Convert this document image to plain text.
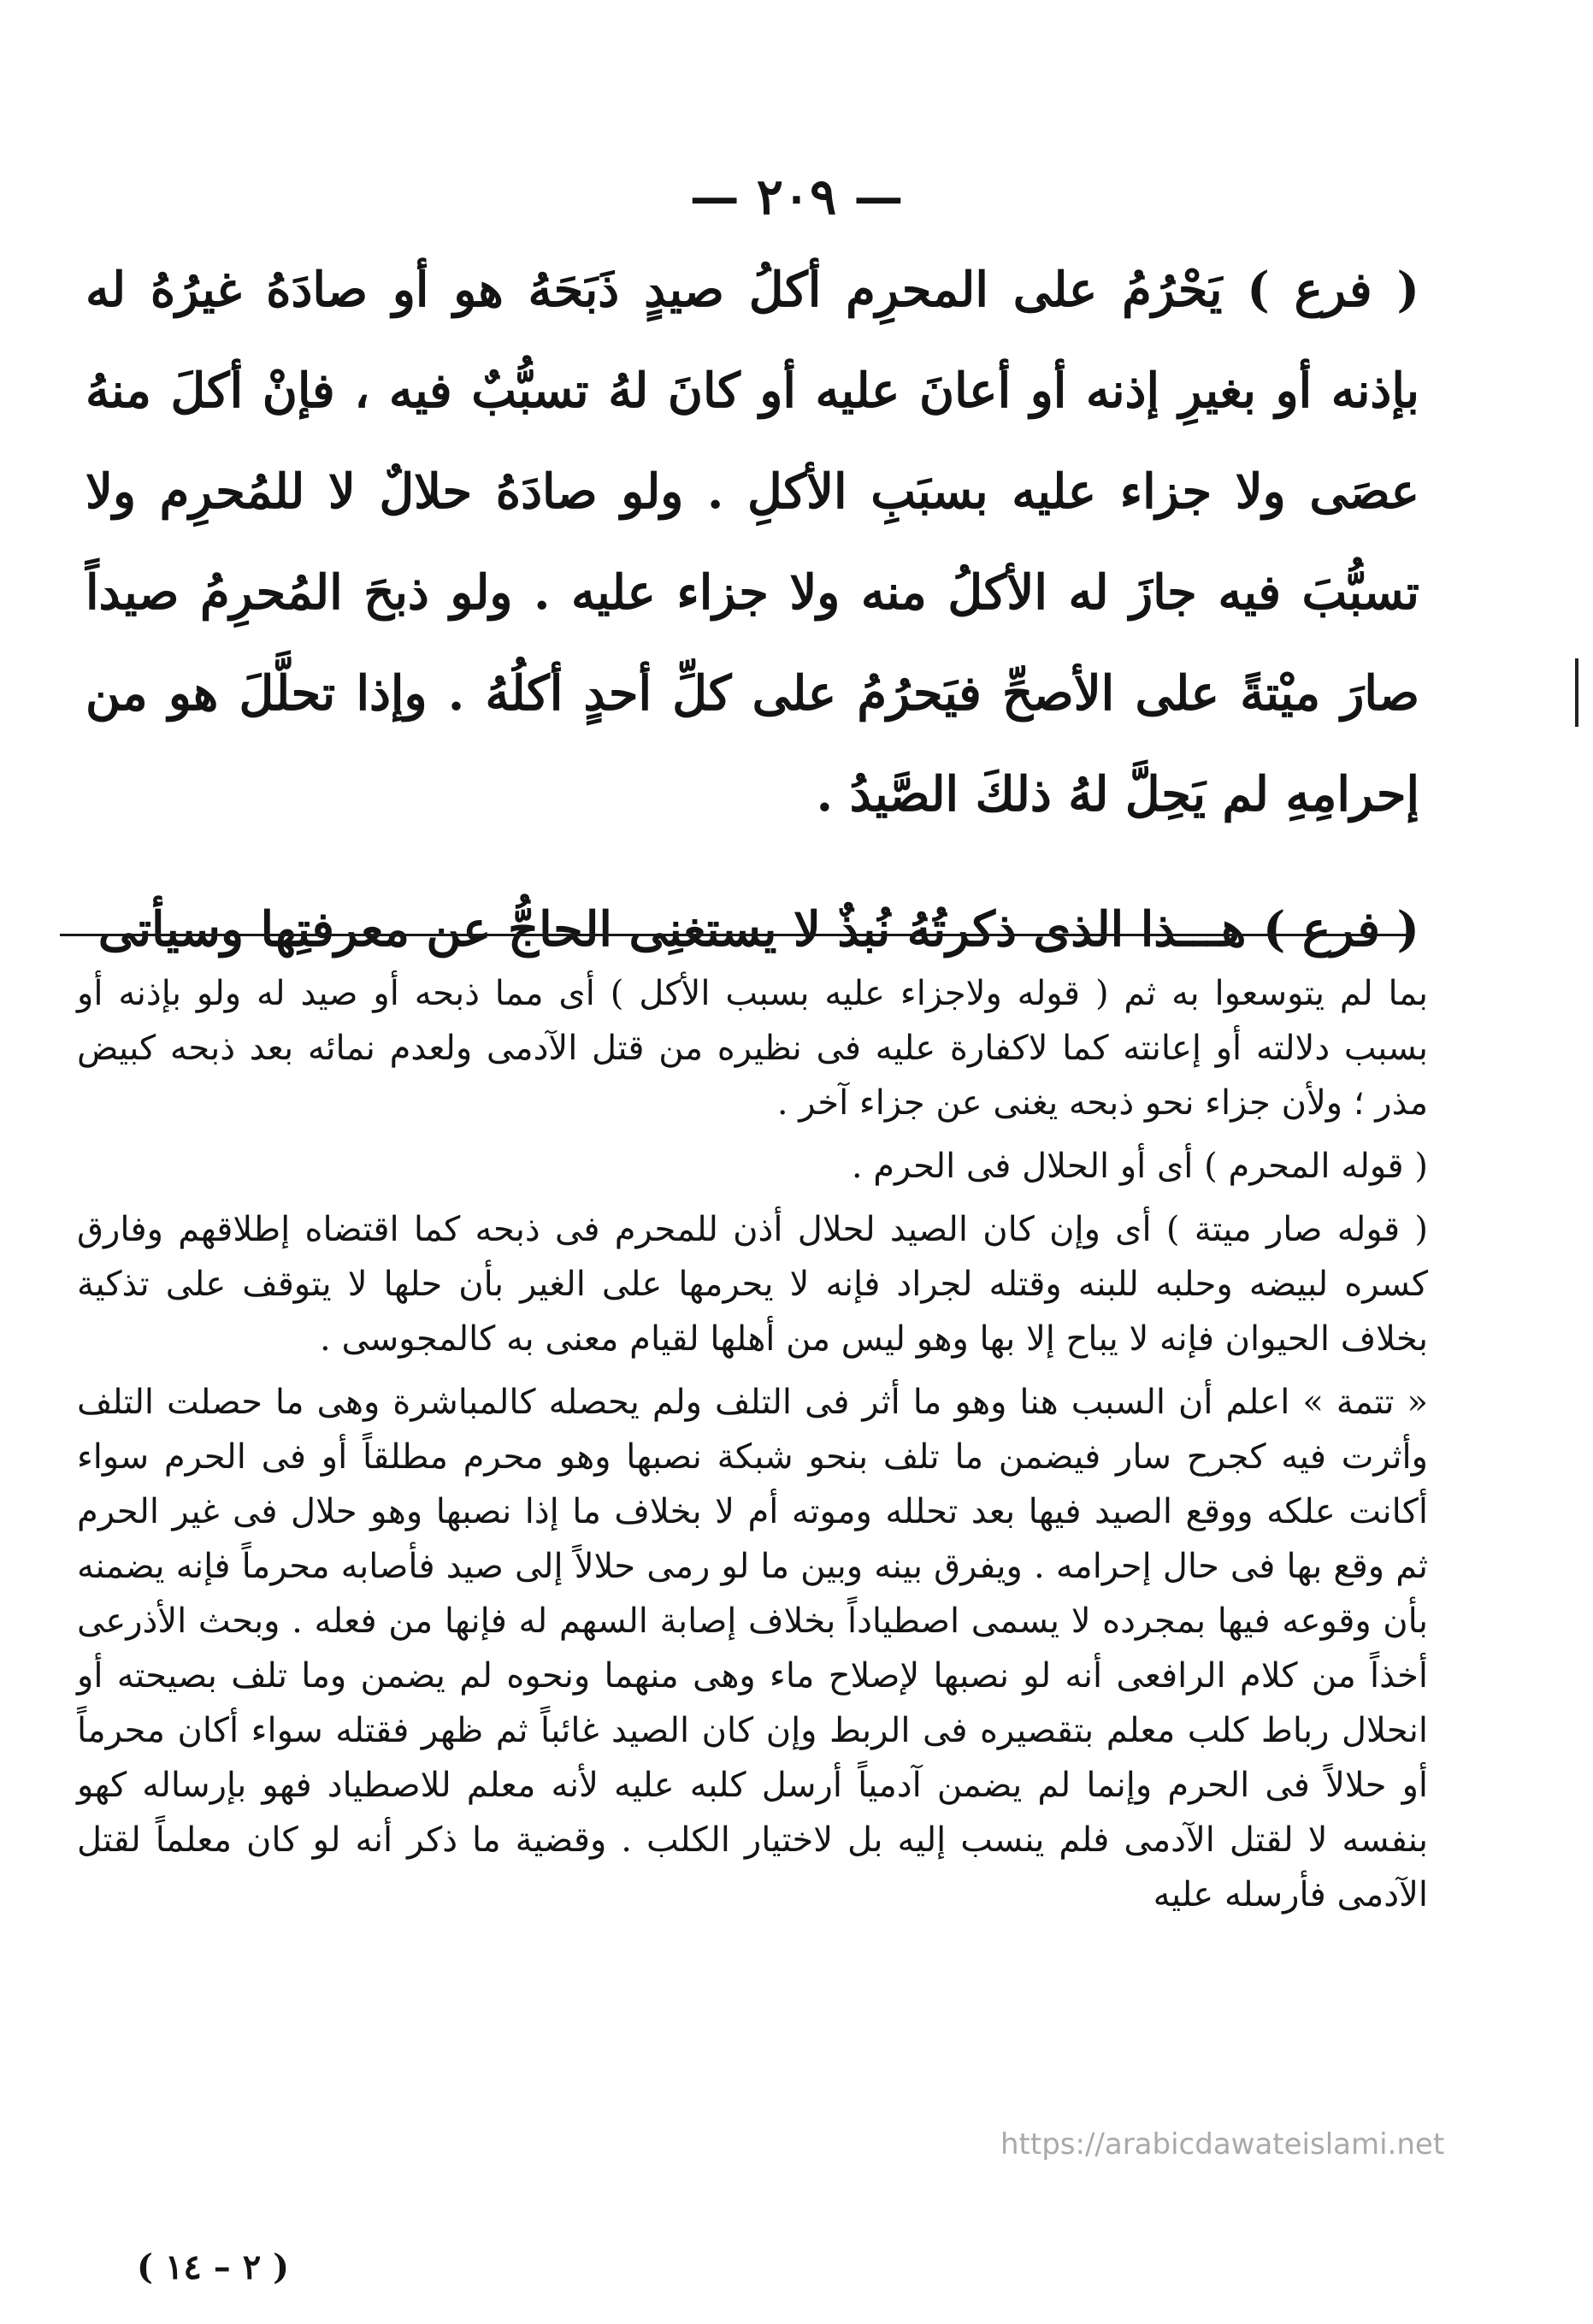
— ٢٠٩ —

( فرع ) يَحْرُمُ على المحرِم أكلُ صيدٍ ذَبَحَهُ هو أو صادَهُ غيرُهُ له بإذنه أو بغيرِ إذنه أو أعانَ عليه أو كانَ لهُ تسبُّبٌ فيه ، فإنْ أكلَ منهُ عصَى ولا جزاء عليه بسبَبِ الأكلِ . ولو صادَهُ حلالٌ لا للمُحرِم ولا تسبُّبَ فيه جازَ له الأكلُ منه ولا جزاء عليه . ولو ذبحَ المُحرِمُ صيداً صارَ ميْتةً على الأصحِّ فيَحرُمُ على كلِّ أحدٍ أكلُهُ . وإذا تحلَّلَ هو من إحرامِهِ لم يَحِلَّ لهُ ذلكَ الصَّيدُ .

( فرع ) هـــذا الذى ذكرتُهُ نُبذٌ لا يستغنِى الحاجُّ عن معرفتِها وسيأتى

بما لم يتوسعوا به ثم ( قوله ولاجزاء عليه بسبب الأكل ) أى مما ذبحه أو صيد له ولو بإذنه أو بسبب دلالته أو إعانته كما لاكفارة عليه فى نظيره من قتل الآدمى ولعدم نمائه بعد ذبحه كبيض مذر ؛ ولأن جزاء نحو ذبحه يغنى عن جزاء آخر .

( قوله المحرم ) أى أو الحلال فى الحرم .

( قوله صار ميتة ) أى وإن كان الصيد لحلال أذن للمحرم فى ذبحه كما اقتضاه إطلاقهم وفارق كسره لبيضه وحلبه للبنه وقتله لجراد فإنه لا يحرمها على الغير بأن حلها لا يتوقف على تذكية بخلاف الحيوان فإنه لا يباح إلا بها وهو ليس من أهلها لقيام معنى به كالمجوسى .

« تتمة » اعلم أن السبب هنا وهو ما أثر فى التلف ولم يحصله كالمباشرة وهى ما حصلت التلف وأثرت فيه كجرح سار فيضمن ما تلف بنحو شبكة نصبها وهو محرم مطلقاً أو فى الحرم سواء أكانت علكه ووقع الصيد فيها بعد تحلله وموته أم لا بخلاف ما إذا نصبها وهو حلال فى غير الحرم ثم وقع بها فى حال إحرامه . ويفرق بينه وبين ما لو رمى حلالاً إلى صيد فأصابه محرماً فإنه يضمنه بأن وقوعه فيها بمجرده لا يسمى اصطياداً بخلاف إصابة السهم له فإنها من فعله . وبحث الأذرعى أخذاً من كلام الرافعى أنه لو نصبها لإصلاح ماء وهى منهما ونحوه لم يضمن وما تلف بصيحته أو انحلال رباط كلب معلم بتقصيره فى الربط وإن كان الصيد غائباً ثم ظهر فقتله سواء أكان محرماً أو حلالاً فى الحرم وإنما لم يضمن آدمياً أرسل كلبه عليه لأنه معلم للاصطياد فهو بإرساله كهو بنفسه لا لقتل الآدمى فلم ينسب إليه بل لاختيار الكلب . وقضية ما ذكر أنه لو كان معلماً لقتل الآدمى فأرسله عليه

https://arabicdawateislami.net
( ٢ – ١٤ )
